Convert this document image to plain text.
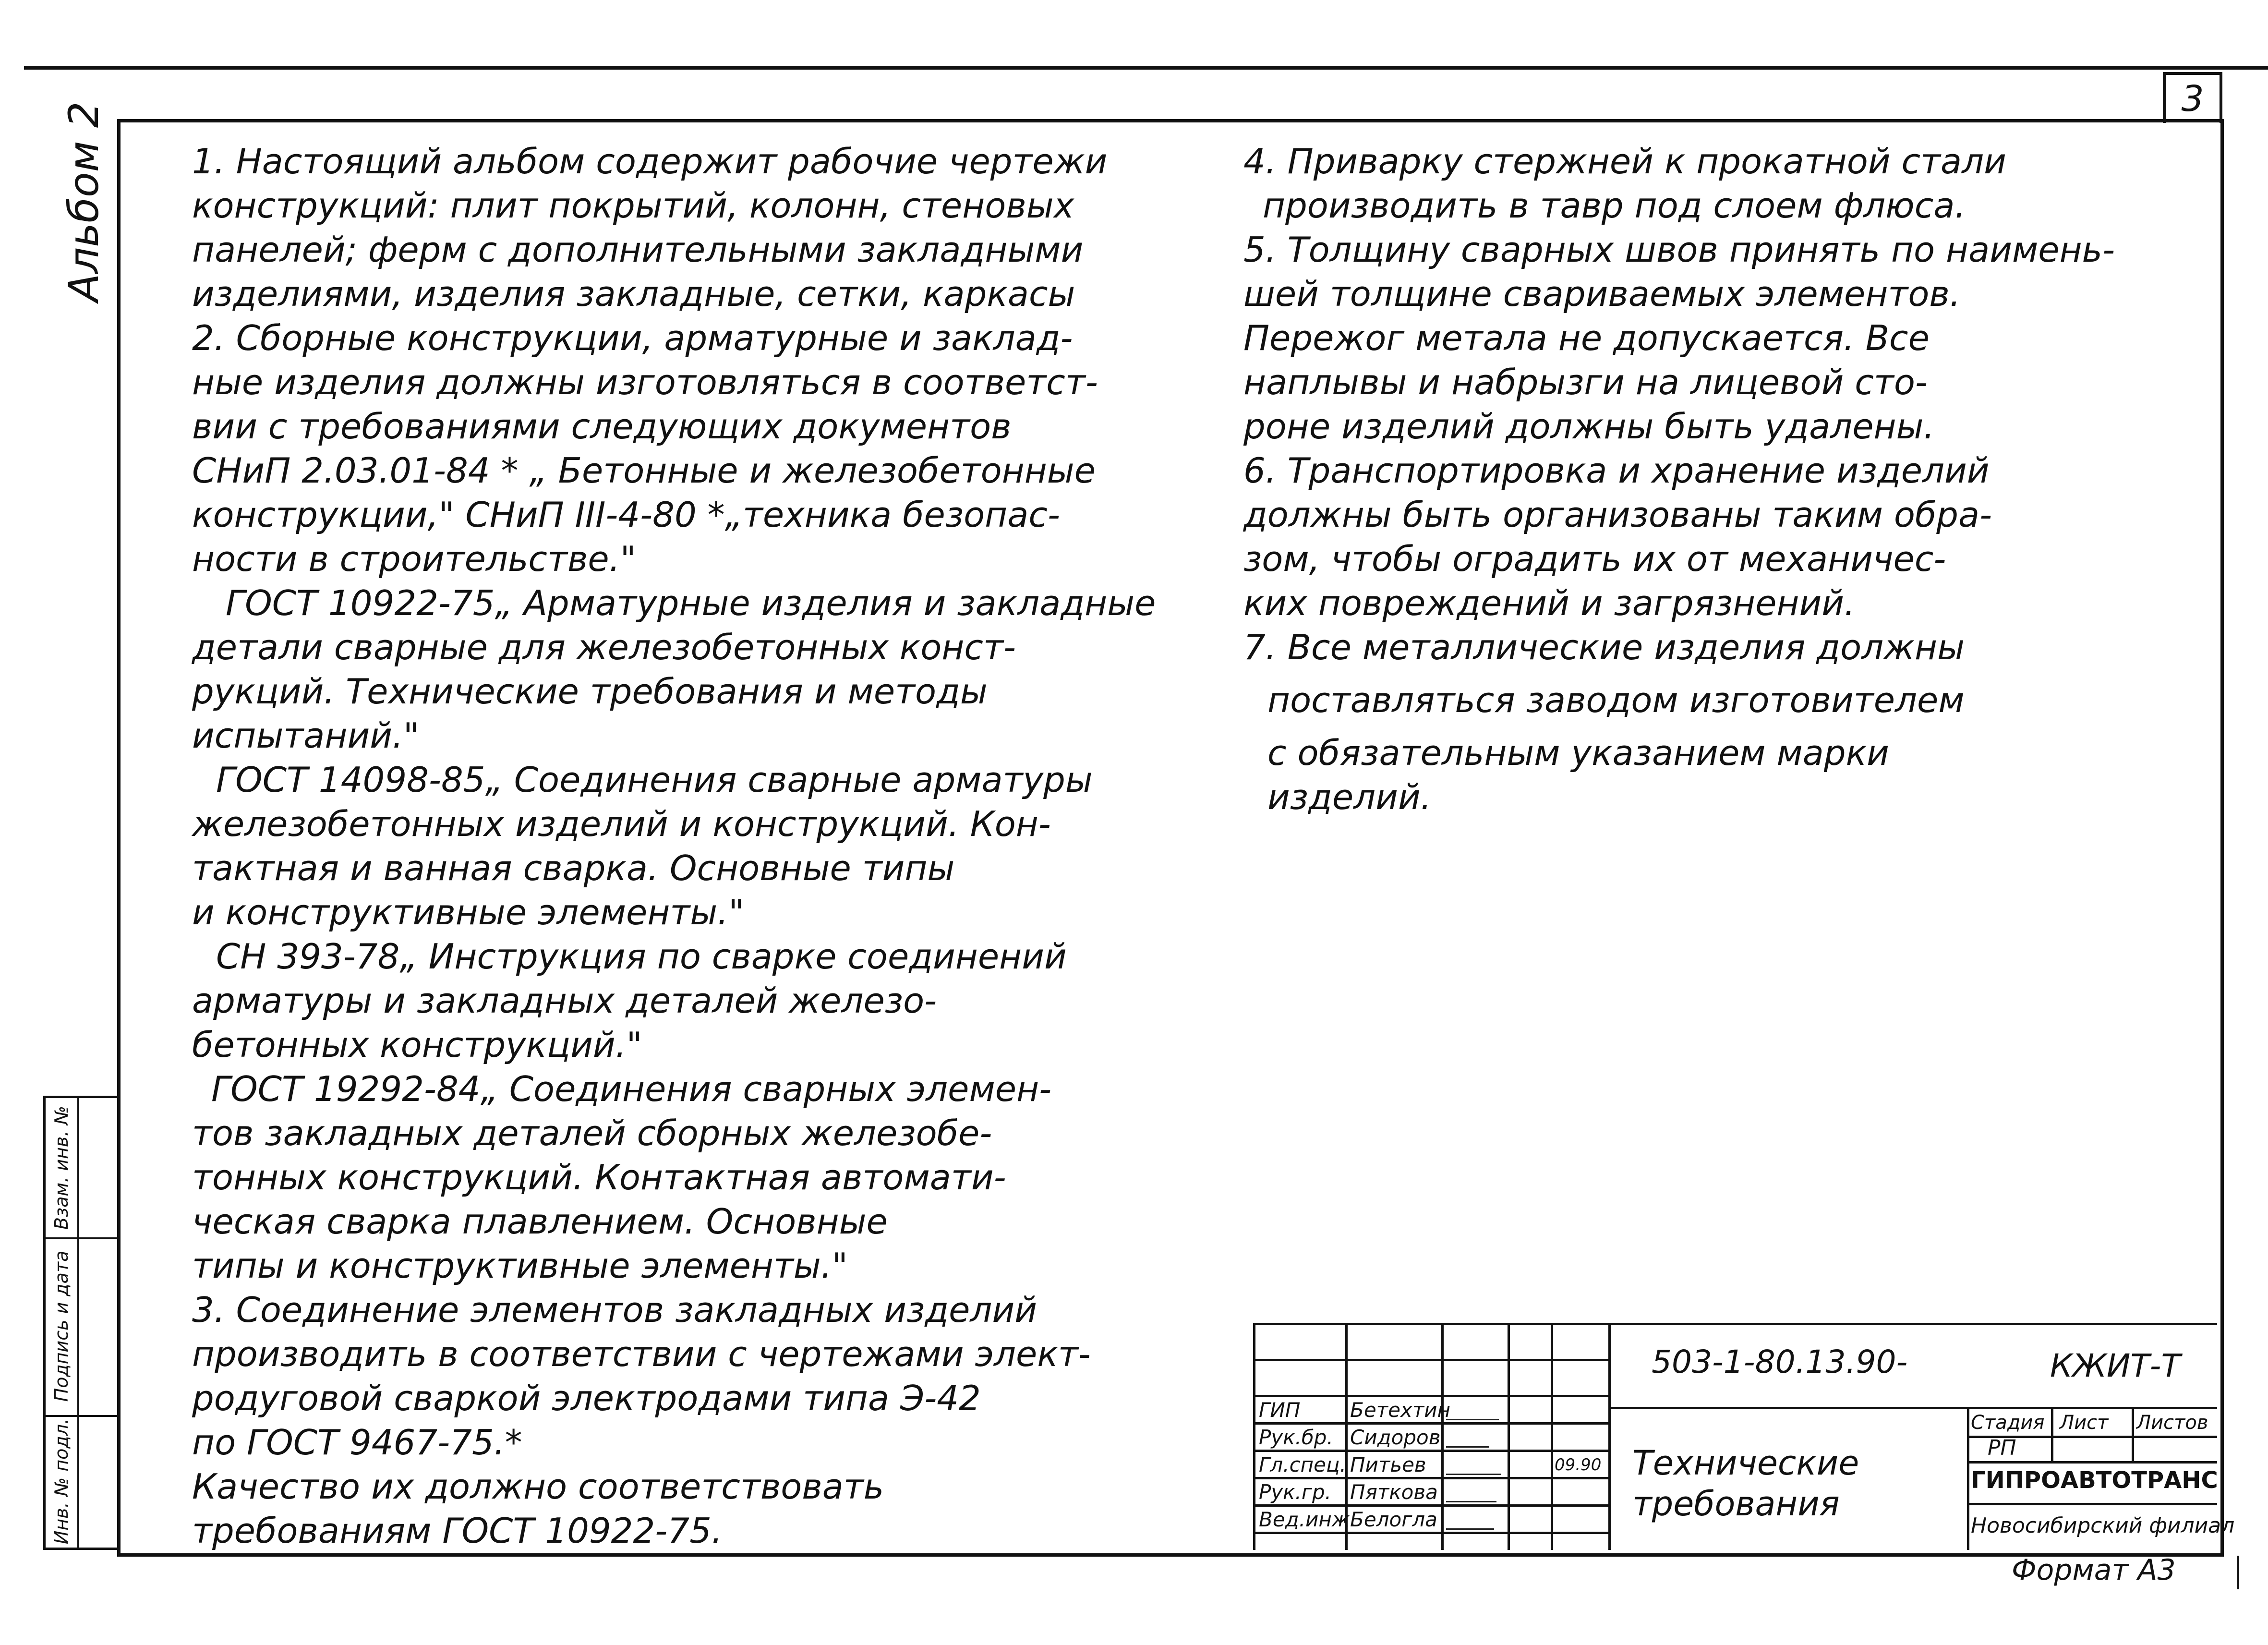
3
Альбом 2
Взам. инв. №
Подпись и дата
Инв. № подл.
1. Настоящий альбом содержит рабочие чертежи
конструкций: плит покрытий, колонн, стеновых
панелей; ферм с дополнительными закладными
изделиями, изделия закладные, сетки, каркасы
2. Сборные конструкции, арматурные и заклад-
ные изделия должны изготовляться в соответст-
вии с требованиями следующих документов
СНиП 2.03.01-84 * „ Бетонные и железобетонные
конструкции," СНиП III-4-80 *„техника безопас-
ности в строительстве."
ГОСТ 10922-75„ Арматурные изделия и закладные
детали сварные для железобетонных конст-
рукций. Технические требования и методы
испытаний."
ГОСТ 14098-85„ Соединения сварные арматуры
железобетонных изделий и конструкций. Кон-
тактная и ванная сварка. Основные типы
и конструктивные элементы."
СН 393-78„ Инструкция по сварке соединений
арматуры и закладных деталей железо-
бетонных конструкций."
ГОСТ 19292-84„ Соединения сварных элемен-
тов закладных деталей сборных железобе-
тонных конструкций. Контактная автомати-
ческая сварка плавлением. Основные
типы и конструктивные элементы."
3. Соединение элементов закладных изделий
производить в соответствии с чертежами элект-
родуговой сваркой электродами типа Э-42
по ГОСТ 9467-75.*
Качество их должно соответствовать
требованиям ГОСТ 10922-75.
4. Приварку стержней к прокатной стали
производить в тавр под слоем флюса.
5. Толщину сварных швов принять по наимень-
шей толщине свариваемых элементов.
Пережог метала не допускается. Все
наплывы и набрызги на лицевой сто-
роне изделий должны быть удалены.
6. Транспортировка и хранение изделий
должны быть организованы таким обра-
зом, чтобы оградить их от механичес-
ких повреждений и загрязнений.
7. Все металлические изделия должны
поставляться заводом изготовителем
с обязательным указанием марки
изделий.
ГИП Бетехтин
Рук.бр. Сидоров
Гл.спец. Питьев
Рук.гр. Пяткова
Вед.инж.
Белогла
09.90
503-1-80.13.90-	КЖИТ-Т
Технические
требования
Стадия Лист Листов
РП
ГИПРОАВТОТРАНС
Новосибирский филиал
Формат А3
